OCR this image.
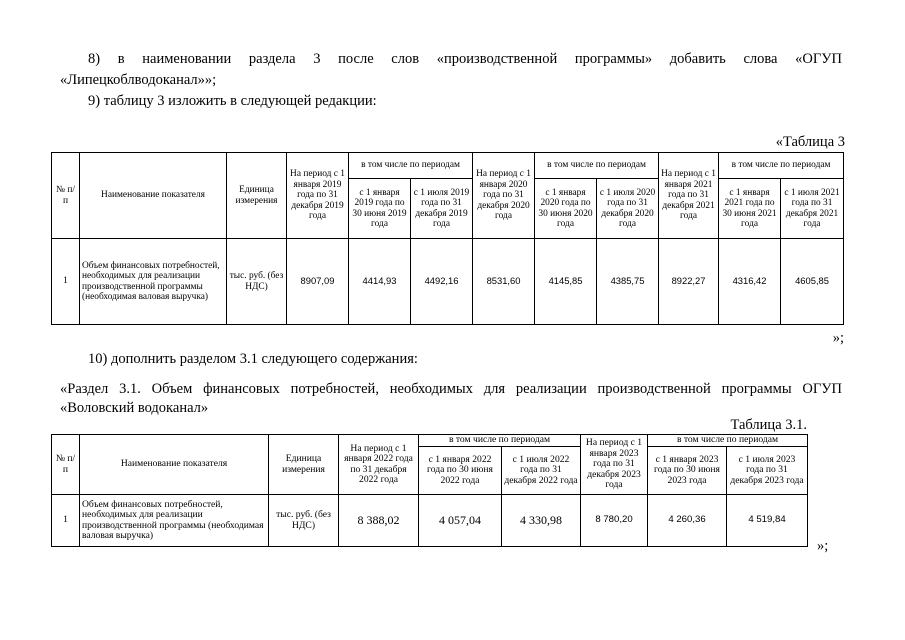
8) в наименовании раздела 3 после слов «производственной программы» добавить слова «ОГУП

«Липецкоблводоканал»»;

9) таблицу 3 изложить в следующей редакции:

«Таблица 3

№ п/п	Наименование показателя	Единица измерения	На период с 1 января 2019 года по 31 декабря 2019 года	в том числе по периодам		На период с 1 января 2020 года по 31 декабря 2020 года	в том числе по периодам		На период с 1 января 2021 года по 31 декабря 2021 года	в том числе по периодам	
				с 1 января 2019 года по 30 июня 2019 года	с 1 июля 2019 года по 31 декабря 2019 года		с 1 января 2020 года по 30 июня 2020 года	с 1 июля 2020 года по 31 декабря 2020 года		с 1 января 2021 года по 30 июня 2021 года	с 1 июля 2021 года по 31 декабря 2021 года
1	Объем финансовых потребностей, необходимых для реализации производственной программы (необходимая валовая выручка)	тыс. руб. (без НДС)	8907,09	4414,93	4492,16	8531,60	4145,85	4385,75	8922,27	4316,42	4605,85

»;

10) дополнить разделом 3.1 следующего содержания:

«Раздел 3.1. Объем финансовых потребностей, необходимых для реализации производственной программы ОГУП

«Воловский водоканал»

Таблица 3.1.

№ п/п	Наименование показателя	Единица измерения	На период с 1 января 2022 года по 31 декабря 2022 года	в том числе по периодам		На период с 1 января 2023 года по 31 декабря 2023 года	в том числе по периодам	
				с 1 января 2022 года по 30 июня 2022 года	с 1 июля 2022 года по 31 декабря 2022 года		с 1 января 2023 года по 30 июня 2023 года	с 1 июля 2023 года по 31 декабря 2023 года
1	Объем финансовых потребностей, необходимых для реализации производственной программы (необходимая валовая выручка)	тыс. руб. (без НДС)	8 388,02	4 057,04	4 330,98	8 780,20	4 260,36	4 519,84

»;
